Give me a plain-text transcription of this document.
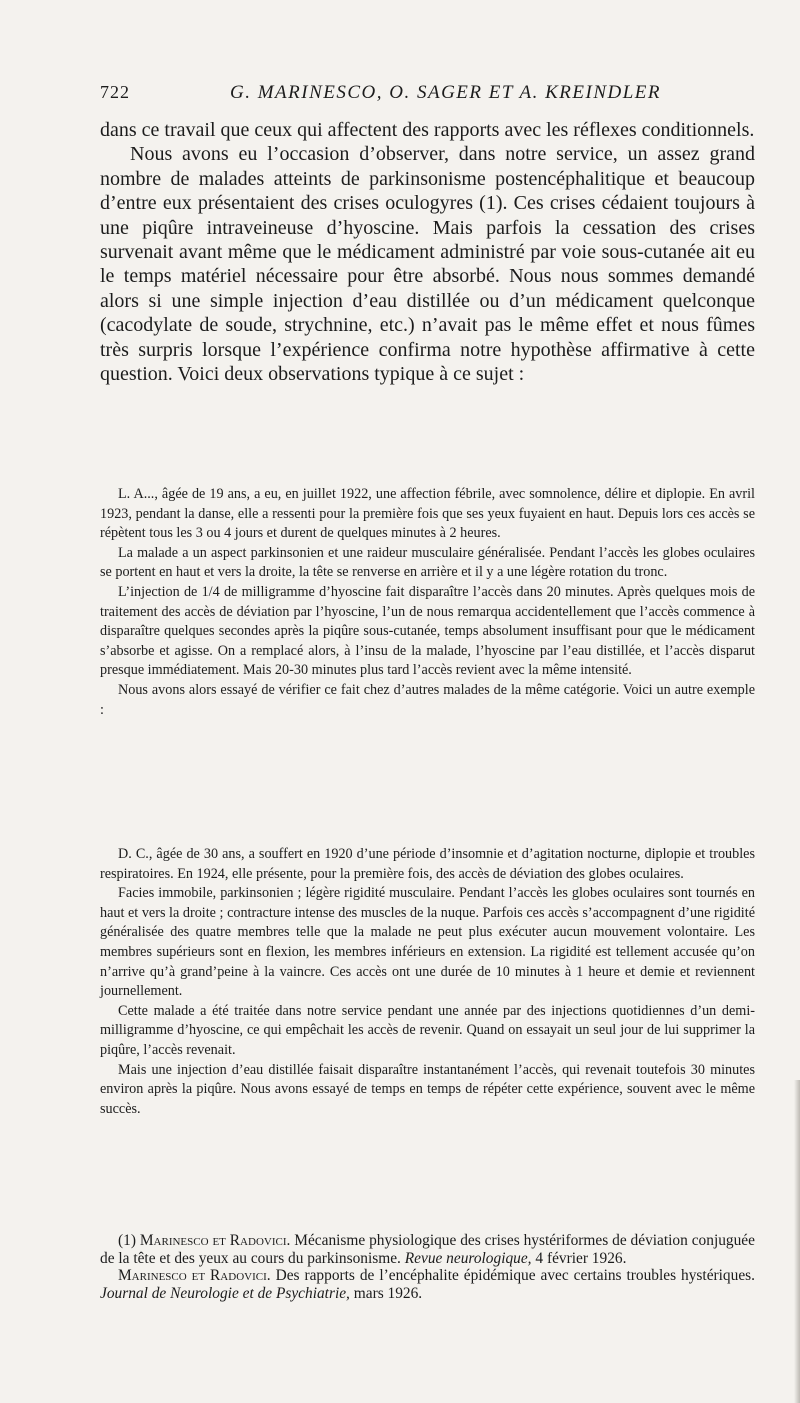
722	G. MARINESCO, O. SAGER ET A. KREINDLER

dans ce travail que ceux qui affectent des rapports avec les réflexes conditionnels.

Nous avons eu l’occasion d’observer, dans notre service, un assez grand nombre de malades atteints de parkinsonisme postencéphalitique et beaucoup d’entre eux présentaient des crises oculogyres (1). Ces crises cédaient toujours à une piqûre intraveineuse d’hyoscine. Mais parfois la cessation des crises survenait avant même que le médicament administré par voie sous-cutanée ait eu le temps matériel nécessaire pour être absorbé. Nous nous sommes demandé alors si une simple injection d’eau distillée ou d’un médicament quelconque (cacodylate de soude, strychnine, etc.) n’avait pas le même effet et nous fûmes très surpris lorsque l’expérience confirma notre hypothèse affirmative à cette question. Voici deux observations typique à ce sujet :

L. A..., âgée de 19 ans, a eu, en juillet 1922, une affection fébrile, avec somnolence, délire et diplopie. En avril 1923, pendant la danse, elle a ressenti pour la première fois que ses yeux fuyaient en haut. Depuis lors ces accès se répètent tous les 3 ou 4 jours et durent de quelques minutes à 2 heures.

La malade a un aspect parkinsonien et une raideur musculaire généralisée. Pendant l’accès les globes oculaires se portent en haut et vers la droite, la tête se renverse en arrière et il y a une légère rotation du tronc.

L’injection de 1/4 de milligramme d’hyoscine fait disparaître l’accès dans 20 minutes. Après quelques mois de traitement des accès de déviation par l’hyoscine, l’un de nous remarqua accidentellement que l’accès commence à disparaître quelques secondes après la piqûre sous-cutanée, temps absolument insuffisant pour que le médicament s’absorbe et agisse. On a remplacé alors, à l’insu de la malade, l’hyoscine par l’eau distillée, et l’accès disparut presque immédiatement. Mais 20-30 minutes plus tard l’accès revient avec la même intensité.

Nous avons alors essayé de vérifier ce fait chez d’autres malades de la même catégorie. Voici un autre exemple :

D. C., âgée de 30 ans, a souffert en 1920 d’une période d’insomnie et d’agitation nocturne, diplopie et troubles respiratoires. En 1924, elle présente, pour la première fois, des accès de déviation des globes oculaires.

Facies immobile, parkinsonien ; légère rigidité musculaire. Pendant l’accès les globes oculaires sont tournés en haut et vers la droite ; contracture intense des muscles de la nuque. Parfois ces accès s’accompagnent d’une rigidité généralisée des quatre membres telle que la malade ne peut plus exécuter aucun mouvement volontaire. Les membres supérieurs sont en flexion, les membres inférieurs en extension. La rigidité est tellement accusée qu’on n’arrive qu’à grand’peine à la vaincre. Ces accès ont une durée de 10 minutes à 1 heure et demie et reviennent journellement.

Cette malade a été traitée dans notre service pendant une année par des injections quotidiennes d’un demi-milligramme d’hyoscine, ce qui empêchait les accès de revenir. Quand on essayait un seul jour de lui supprimer la piqûre, l’accès revenait.

Mais une injection d’eau distillée faisait disparaître instantanément l’accès, qui revenait toutefois 30 minutes environ après la piqûre. Nous avons essayé de temps en temps de répéter cette expérience, souvent avec le même succès.

(1) Marinesco et Radovici. Mécanisme physiologique des crises hystériformes de déviation conjuguée de la tête et des yeux au cours du parkinsonisme. Revue neurologique, 4 février 1926.

Marinesco et Radovici. Des rapports de l’encéphalite épidémique avec certains troubles hystériques. Journal de Neurologie et de Psychiatrie, mars 1926.
